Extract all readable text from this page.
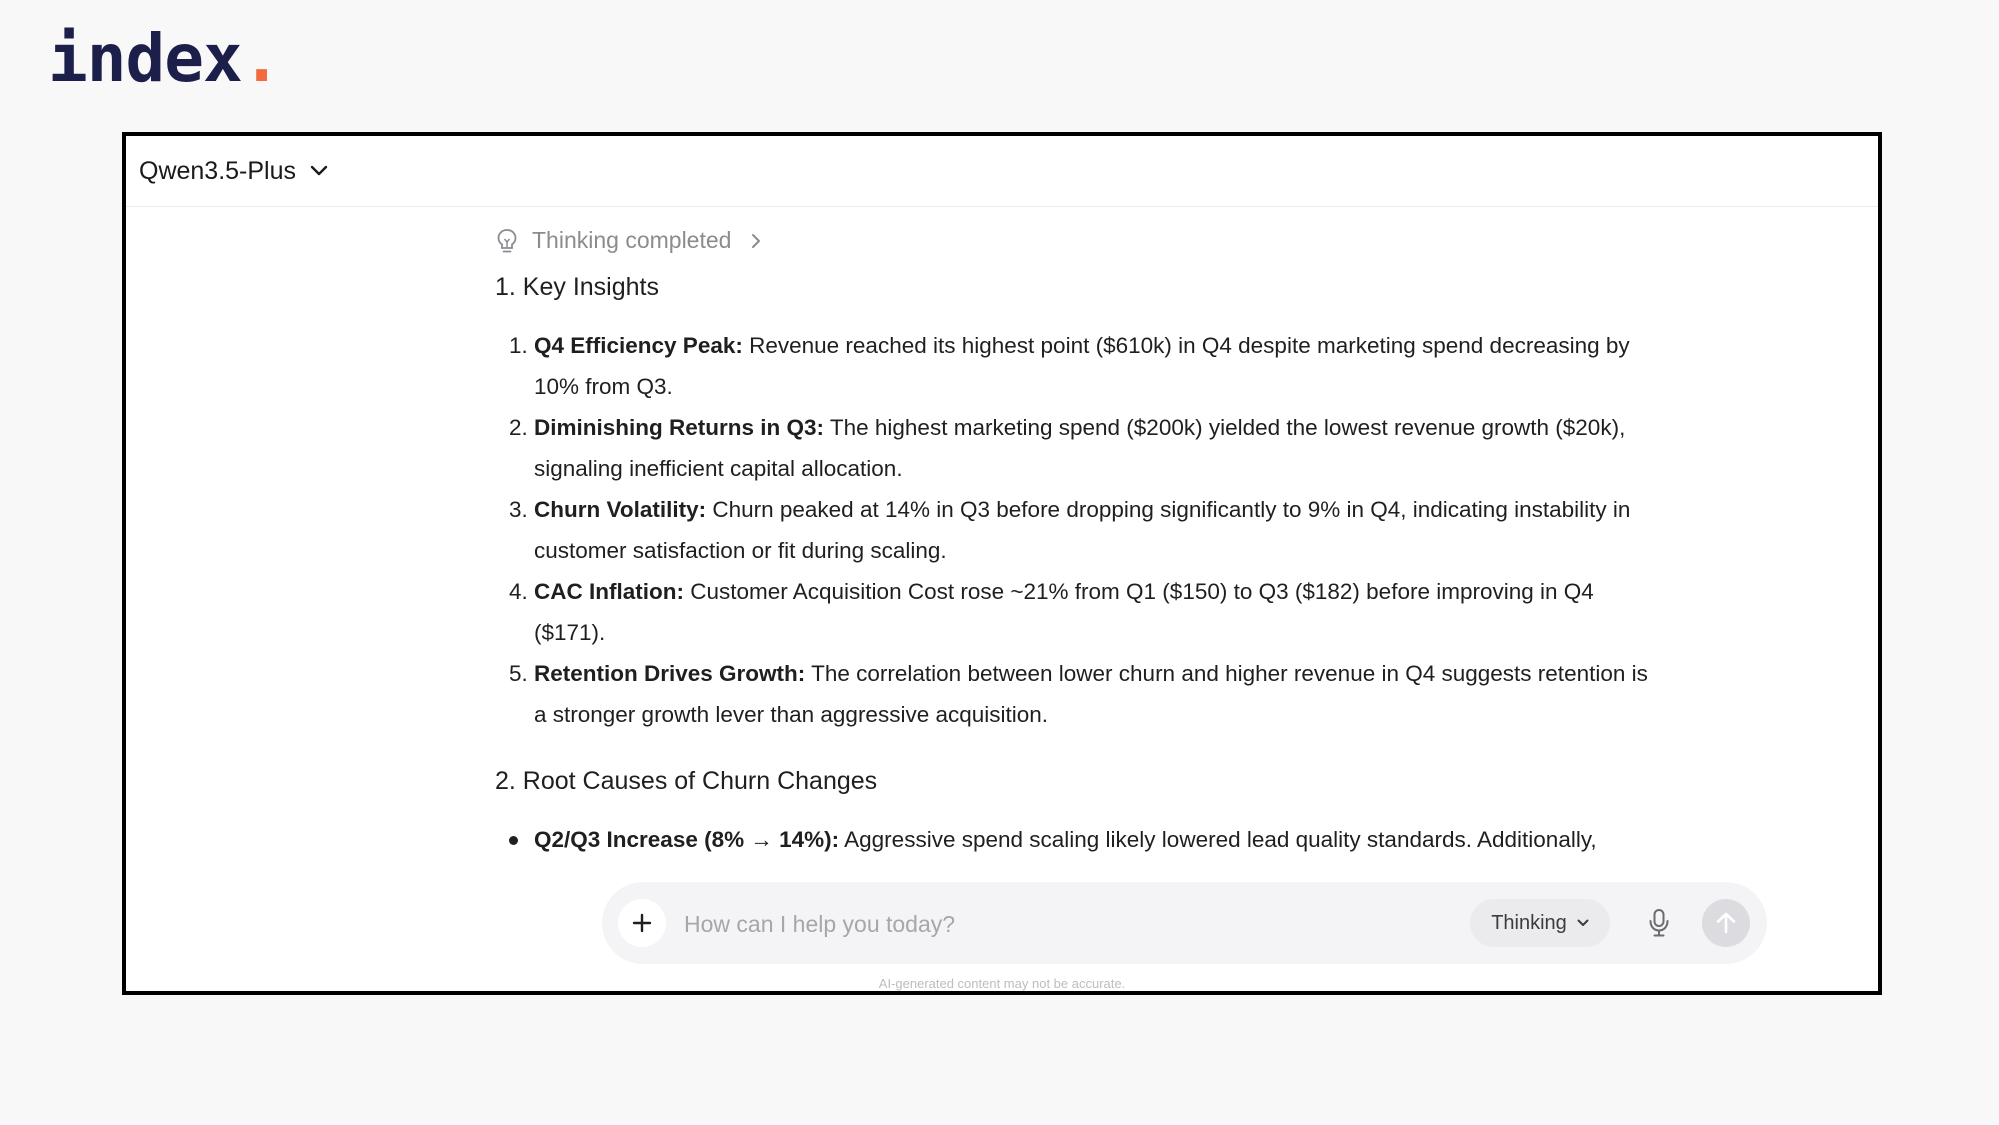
index.
Qwen3.5-Plus
Thinking completed
1. Key Insights
1. Q4 Efficiency Peak: Revenue reached its highest point ($610k) in Q4 despite marketing spend decreasing by 10% from Q3.
2. Diminishing Returns in Q3: The highest marketing spend ($200k) yielded the lowest revenue growth ($20k), signaling inefficient capital allocation.
3. Churn Volatility: Churn peaked at 14% in Q3 before dropping significantly to 9% in Q4, indicating instability in customer satisfaction or fit during scaling.
4. CAC Inflation: Customer Acquisition Cost rose ~21% from Q1 ($150) to Q3 ($182) before improving in Q4 ($171).
5. Retention Drives Growth: The correlation between lower churn and higher revenue in Q4 suggests retention is a stronger growth lever than aggressive acquisition.
2. Root Causes of Churn Changes
Q2/Q3 Increase (8% → 14%): Aggressive spend scaling likely lowered lead quality standards. Additionally,
How can I help you today?
Thinking
AI-generated content may not be accurate.
